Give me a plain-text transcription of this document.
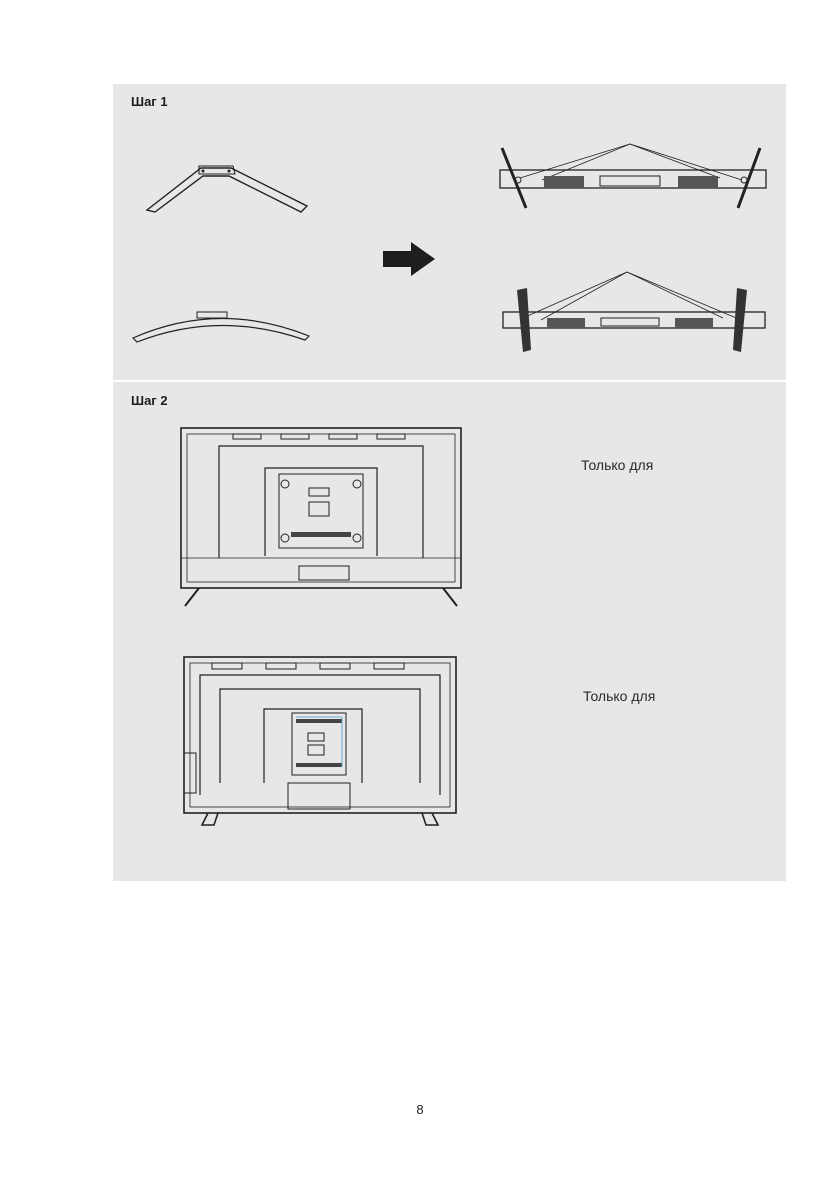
Шаг 1
Шаг 2
Только для
Только для
8
